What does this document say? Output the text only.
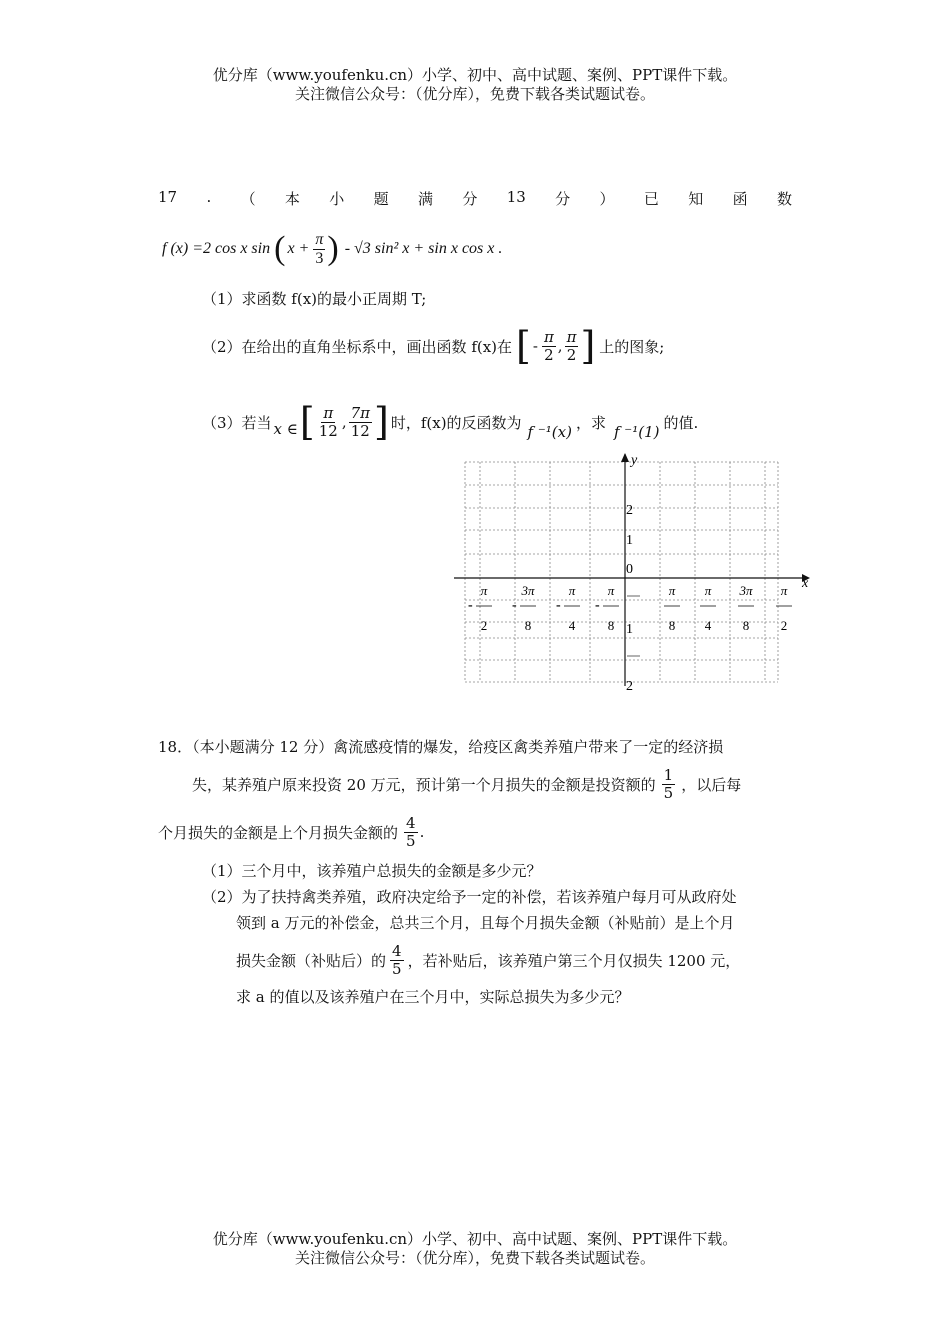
优分库（www.youfenku.cn）小学、初中、高中试题、案例、PPT课件下载。
关注微信公众号：（优分库），免费下载各类试题试卷。
17 . （ 本 小 题 满 分 13 分 ） 已 知 函 数
f (x) =2 cos x sin ( $x + \frac{\pi}{3}$ ) - √3 sin² x + sin x cos x .
（1）求函数 f(x)的最小正周期 T;
（2）在给出的直角坐标系中，画出函数 f(x)在 [ - $\frac{\pi}{2}$ , $\frac{\pi}{2}$ ] 上的图象;
（3）若当 x ∈ [ $\frac{\pi}{12}$ , $\frac{7\pi}{12}$ ] 时，f(x)的反函数为
f ⁻¹(x)
，求
f ⁻¹(1)
的值.
y
x
2
1
0
1
2
-
π
2
-
3π
8
-
π
4
-
π
8
π
8
π
4
3π
8
π
2
18．（本小题满分 12 分）禽流感疫情的爆发，给疫区禽类养殖户带来了一定的经济损
失，某养殖户原来投资 20 万元，预计第一个月损失的金额是投资额的 $\frac{1}{5}$ ，以后每
个月损失的金额是上个月损失金额的 $\frac{4}{5}$ .
（1）三个月中，该养殖户总损失的金额是多少元？
（2）为了扶持禽类养殖，政府决定给予一定的补偿，若该养殖户每月可从政府处
领到 a 万元的补偿金，总共三个月，且每个月损失金额（补贴前）是上个月
损失金额（补贴后）的 $\frac{4}{5}$ ，若补贴后，该养殖户第三个月仅损失 1200 元，
求 a 的值以及该养殖户在三个月中，实际总损失为多少元？
优分库（www.youfenku.cn）小学、初中、高中试题、案例、PPT课件下载。
关注微信公众号：（优分库），免费下载各类试题试卷。
